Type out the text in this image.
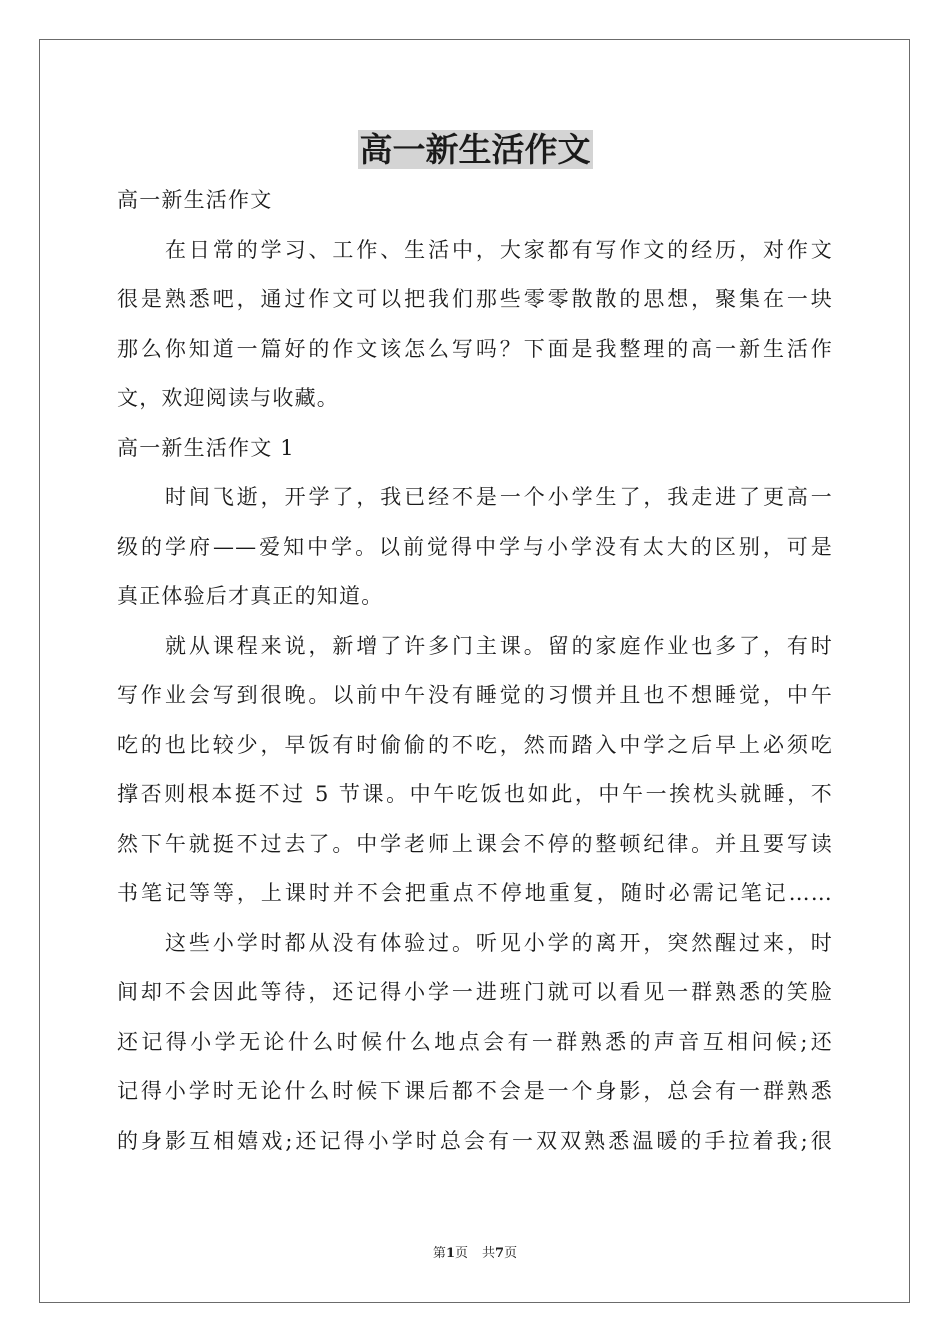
高一新生活作文
高一新生活作文
在日常的学习、工作、生活中，大家都有写作文的经历，对作文
很是熟悉吧，通过作文可以把我们那些零零散散的思想，聚集在一块
那么你知道一篇好的作文该怎么写吗？下面是我整理的高一新生活作
文，欢迎阅读与收藏。
高一新生活作文 1
时间飞逝，开学了，我已经不是一个小学生了，我走进了更高一
级的学府——爱知中学。以前觉得中学与小学没有太大的区别，可是
真正体验后才真正的知道。
就从课程来说，新增了许多门主课。留的家庭作业也多了，有时
写作业会写到很晚。以前中午没有睡觉的习惯并且也不想睡觉，中午
吃的也比较少，早饭有时偷偷的不吃，然而踏入中学之后早上必须吃
撑否则根本挺不过 5 节课。中午吃饭也如此，中午一挨枕头就睡，不
然下午就挺不过去了。中学老师上课会不停的整顿纪律。并且要写读
书笔记等等，上课时并不会把重点不停地重复，随时必需记笔记……
这些小学时都从没有体验过。听见小学的离开，突然醒过来，时
间却不会因此等待，还记得小学一进班门就可以看见一群熟悉的笑脸
还记得小学无论什么时候什么地点会有一群熟悉的声音互相问候;还
记得小学时无论什么时候下课后都不会是一个身影，总会有一群熟悉
的身影互相嬉戏;还记得小学时总会有一双双熟悉温暖的手拉着我;很
第1页 共7页
